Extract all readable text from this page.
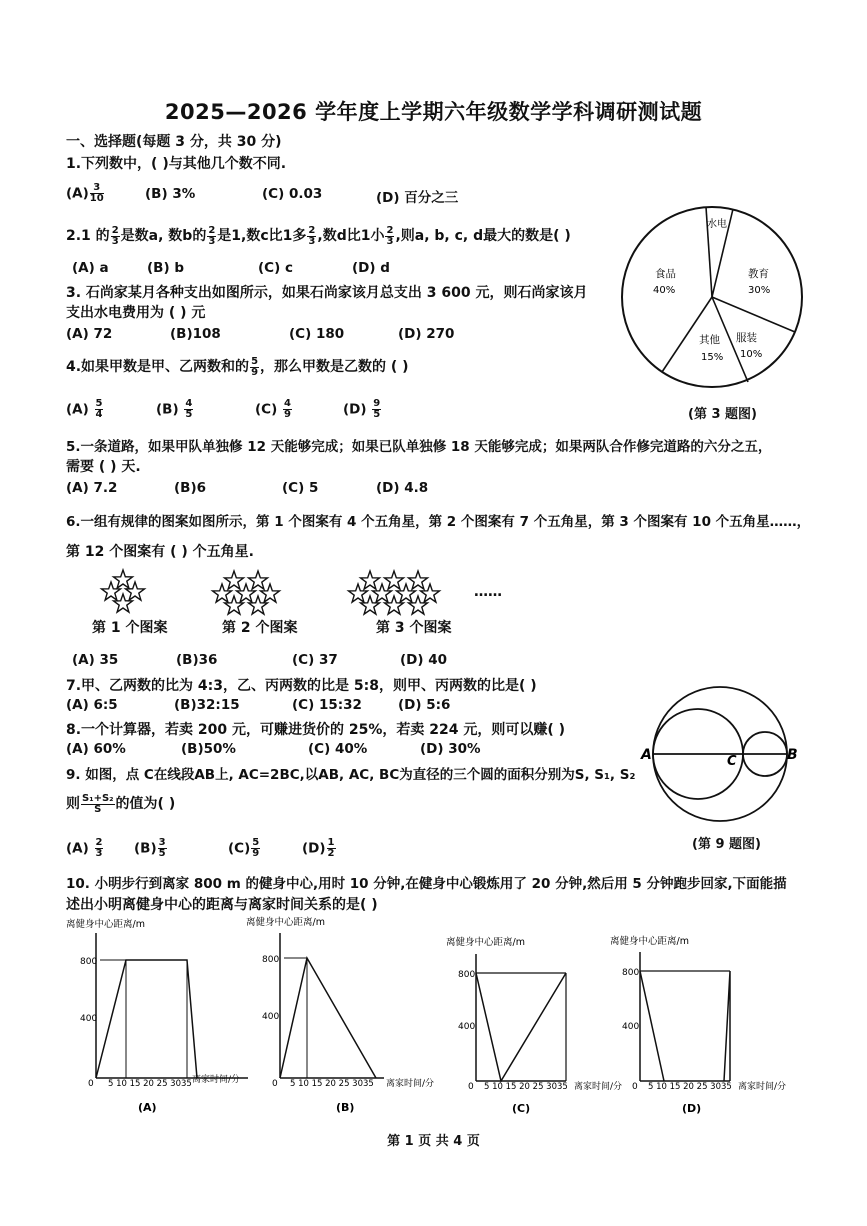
2025—2026 学年度上学期六年级数学学科调研测试题
一、选择题(每题 3 分，共 30 分)
1.下列数中，( )与其他几个数不同.
$(A) \frac{3}{10}$	(B) 3%	(C) 0.03	(D) 百分之三
2.1 的 $\frac{2}{3}$ 是数a, 数b的 $\frac{2}{3}$ 是1,数c比1多 $\frac{2}{3}$ ,数d比1小 $\frac{2}{3}$ ,则a, b, c, d最大的数是( )
(A) a	(B) b	(C) c	(D) d
3. 石尚家某月各种支出如图所示，如果石尚家该月总支出 3 600 元，则石尚家该月
支出水电费用为 ( ) 元
(A) 72	(B)108	(C) 180	(D) 270
水电
食品
40%
教育
30%
其他
15%
服装
10%
(第 3 题图)
4.如果甲数是甲、乙两数和的 $\frac{5}{9}$ ，那么甲数是乙数的 ( )
$(A) \frac{5}{4}$	$(B) \frac{4}{5}$	$(C) \frac{4}{9}$	$(D) \frac{9}{5}$
5.一条道路，如果甲队单独修 12 天能够完成；如果已队单独修 18 天能够完成；如果两队合作修完道路的六分之五，
需要 ( ) 天.
(A) 7.2	(B)6	(C) 5	(D) 4.8
6.一组有规律的图案如图所示，第 1 个图案有 4 个五角星，第 2 个图案有 7 个五角星，第 3 个图案有 10 个五角星……，
第 12 个图案有 ( ) 个五角星.
……
第 1 个图案	第 2 个图案	第 3 个图案
(A) 35	(B)36	(C) 37	(D) 40
7.甲、乙两数的比为 4:3，乙、丙两数的比是 5:8，则甲、丙两数的比是( )
(A) 6:5	(B)32:15	(C) 15:32	(D) 5:6
8.一个计算器，若卖 200 元，可赚进货价的 25%，若卖 224 元，则可以赚( )
(A) 60%	(B)50%	(C) 40%	(D) 30%
9. 如图，点 C在线段AB上, AC=2BC,以AB, AC, BC为直径的三个圆的面积分别为S, S₁, S₂
则 $\frac{\text{S₁+S₂}}{S}$ 的值为( )
$(A) \frac{2}{3} (B) \frac{3}{5}$	$(C) \frac{5}{9}$	$(D) \frac{1}{2}$
A	B
C
(第 9 题图)
10. 小明步行到离家 800 m 的健身中心,用时 10 分钟,在健身中心锻炼用了 20 分钟,然后用 5 分钟跑步回家,下面能描
述出小明离健身中心的距离与离家时间关系的是( )
离健身中心距离/m
800
400
0 5 10 15 20 25 3035
(A)
离健身中心距离/m
800
400
0 5 10 15 20 25 3035 离家时间/分
(B)
离健身中心距离/m
800
400
0 5 10 15 20 25 3035 离家时间/分
(C)
离健身中心距离/m
800
400
0 5 10 15 20 25 3035 离家时间/分
(D)
离家时间/分
第 1 页 共 4 页
